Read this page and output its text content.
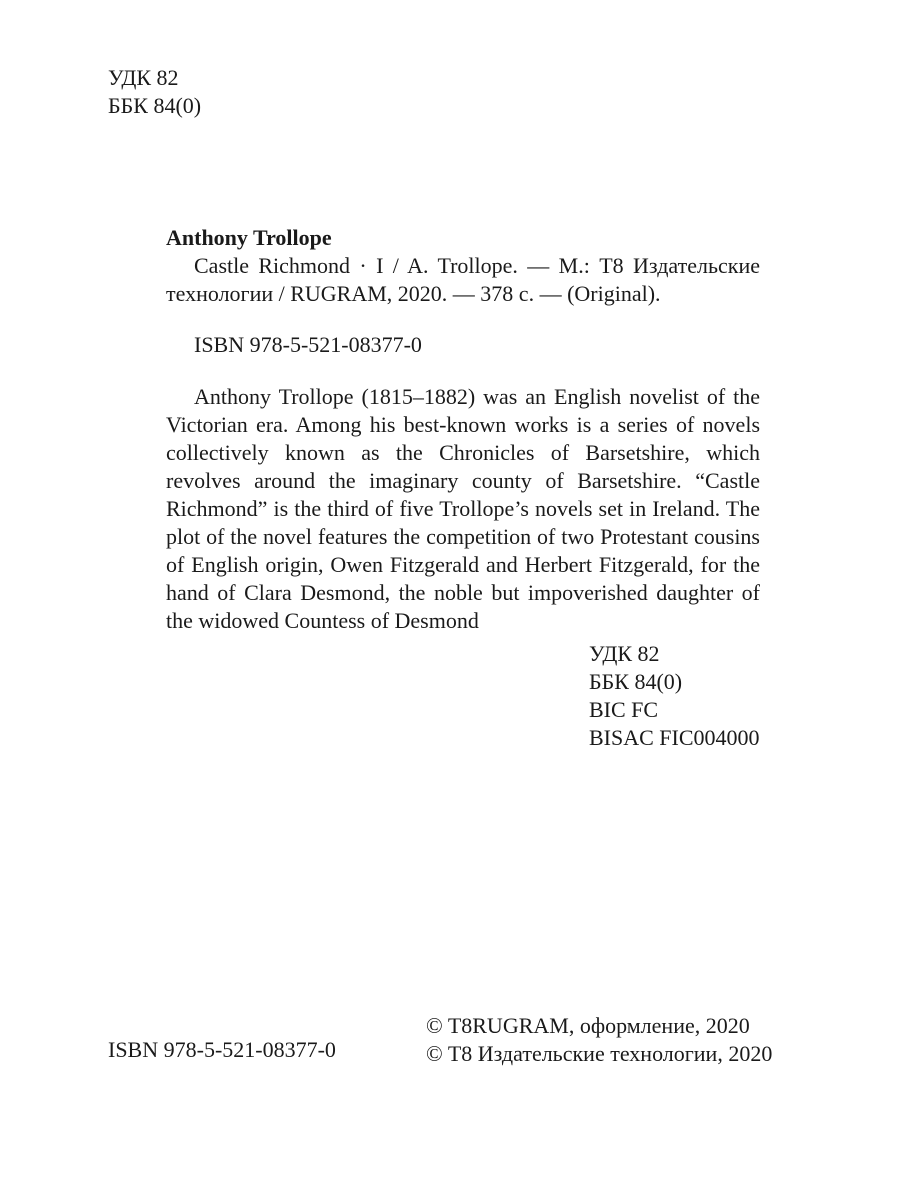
УДК 82
ББК 84(0)
Anthony Trollope

Castle Richmond · I / A. Trollope. — М.: T8 Издательские технологии / RUGRAM, 2020. — 378 с. — (Original).

ISBN 978-5-521-08377-0

Anthony Trollope (1815–1882) was an English novelist of the Victorian era. Among his best-known works is a series of novels collectively known as the Chronicles of Barsetshire, which revolves around the imaginary county of Barsetshire. “Castle Richmond” is the third of five Trollope’s novels set in Ireland. The plot of the novel features the competition of two Protestant cousins of English origin, Owen Fitzgerald and Herbert Fitzgerald, for the hand of Clara Desmond, the noble but impoverished daughter of the widowed Countess of Desmond

УДК 82
ББК 84(0)
BIC FC
BISAC FIC004000
ISBN 978-5-521-08377-0
© T8RUGRAM, оформление, 2020
© T8 Издательские технологии, 2020
